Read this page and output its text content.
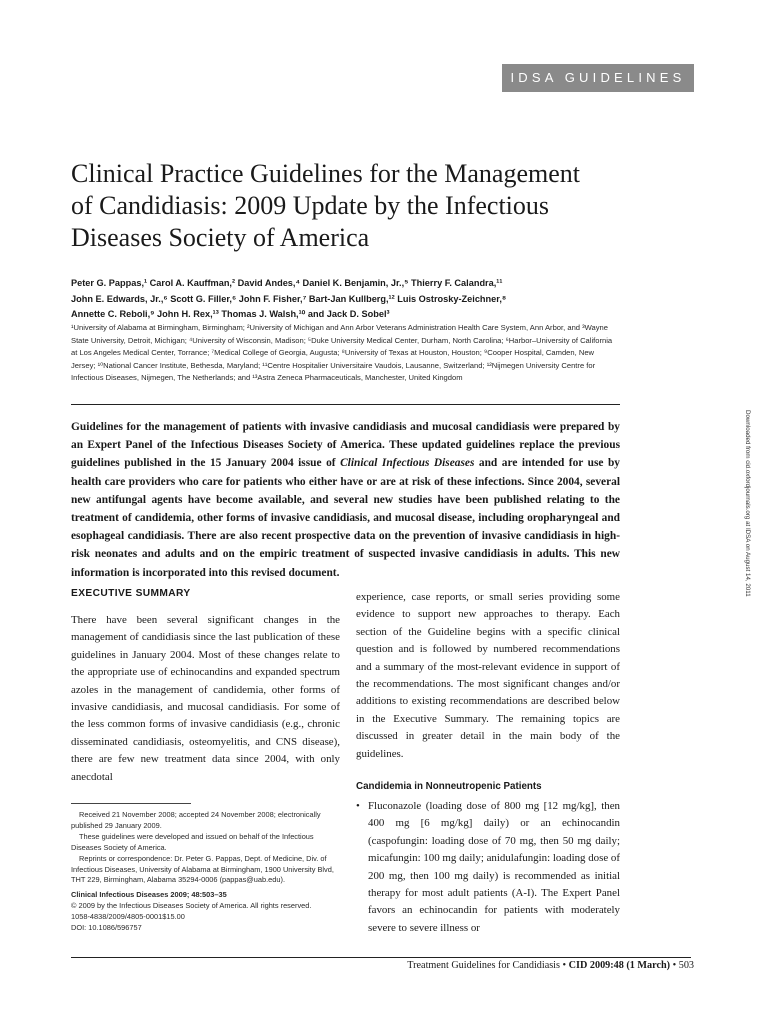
IDSA GUIDELINES
Clinical Practice Guidelines for the Management of Candidiasis: 2009 Update by the Infectious Diseases Society of America
Peter G. Pappas,¹ Carol A. Kauffman,² David Andes,⁴ Daniel K. Benjamin, Jr.,⁵ Thierry F. Calandra,¹¹
John E. Edwards, Jr.,⁶ Scott G. Filler,⁶ John F. Fisher,⁷ Bart-Jan Kullberg,¹² Luis Ostrosky-Zeichner,⁸
Annette C. Reboli,⁹ John H. Rex,¹³ Thomas J. Walsh,¹⁰ and Jack D. Sobel³
¹University of Alabama at Birmingham, Birmingham; ²University of Michigan and Ann Arbor Veterans Administration Health Care System, Ann Arbor, and ³Wayne State University, Detroit, Michigan; ⁴University of Wisconsin, Madison; ⁵Duke University Medical Center, Durham, North Carolina; ⁶Harbor–University of California at Los Angeles Medical Center, Torrance; ⁷Medical College of Georgia, Augusta; ⁸University of Texas at Houston, Houston; ⁹Cooper Hospital, Camden, New Jersey; ¹⁰National Cancer Institute, Bethesda, Maryland; ¹¹Centre Hospitalier Universitaire Vaudois, Lausanne, Switzerland; ¹²Nijmegen University Centre for Infectious Diseases, Nijmegen, The Netherlands; and ¹³Astra Zeneca Pharmaceuticals, Manchester, United Kingdom
Guidelines for the management of patients with invasive candidiasis and mucosal candidiasis were prepared by an Expert Panel of the Infectious Diseases Society of America. These updated guidelines replace the previous guidelines published in the 15 January 2004 issue of Clinical Infectious Diseases and are intended for use by health care providers who care for patients who either have or are at risk of these infections. Since 2004, several new antifungal agents have become available, and several new studies have been published relating to the treatment of candidemia, other forms of invasive candidiasis, and mucosal disease, including oropharyngeal and esophageal candidiasis. There are also recent prospective data on the prevention of invasive candidiasis in high-risk neonates and adults and on the empiric treatment of suspected invasive candidiasis in adults. This new information is incorporated into this revised document.
EXECUTIVE SUMMARY
There have been several significant changes in the management of candidiasis since the last publication of these guidelines in January 2004. Most of these changes relate to the appropriate use of echinocandins and expanded spectrum azoles in the management of candidemia, other forms of invasive candidiasis, and mucosal candidiasis. For some of the less common forms of invasive candidiasis (e.g., chronic disseminated candidiasis, osteomyelitis, and CNS disease), there are few new treatment data since 2004, with only anecdotal
experience, case reports, or small series providing some evidence to support new approaches to therapy. Each section of the Guideline begins with a specific clinical question and is followed by numbered recommendations and a summary of the most-relevant evidence in support of the recommendations. The most significant changes and/or additions to existing recommendations are described below in the Executive Summary. The remaining topics are discussed in greater detail in the main body of the guidelines.
Candidemia in Nonneutropenic Patients
• Fluconazole (loading dose of 800 mg [12 mg/kg], then 400 mg [6 mg/kg] daily) or an echinocandin (caspofungin: loading dose of 70 mg, then 50 mg daily; micafungin: 100 mg daily; anidulafungin: loading dose of 200 mg, then 100 mg daily) is recommended as initial therapy for most adult patients (A-I). The Expert Panel favors an echinocandin for patients with moderately severe to severe illness or

Received 21 November 2008; accepted 24 November 2008; electronically published 29 January 2009.

These guidelines were developed and issued on behalf of the Infectious Diseases Society of America.

Reprints or correspondence: Dr. Peter G. Pappas, Dept. of Medicine, Div. of Infectious Diseases, University of Alabama at Birmingham, 1900 University Blvd, THT 229, Birmingham, Alabama 35294-0006 (pappas@uab.edu).

Clinical Infectious Diseases 2009; 48:503–35

© 2009 by the Infectious Diseases Society of America. All rights reserved.

1058-4838/2009/4805-0001$15.00

DOI: 10.1086/596757

Treatment Guidelines for Candidiasis • CID 2009:48 (1 March) • 503
Downloaded from cid.oxfordjournals.org at IDSA on August 14, 2011
